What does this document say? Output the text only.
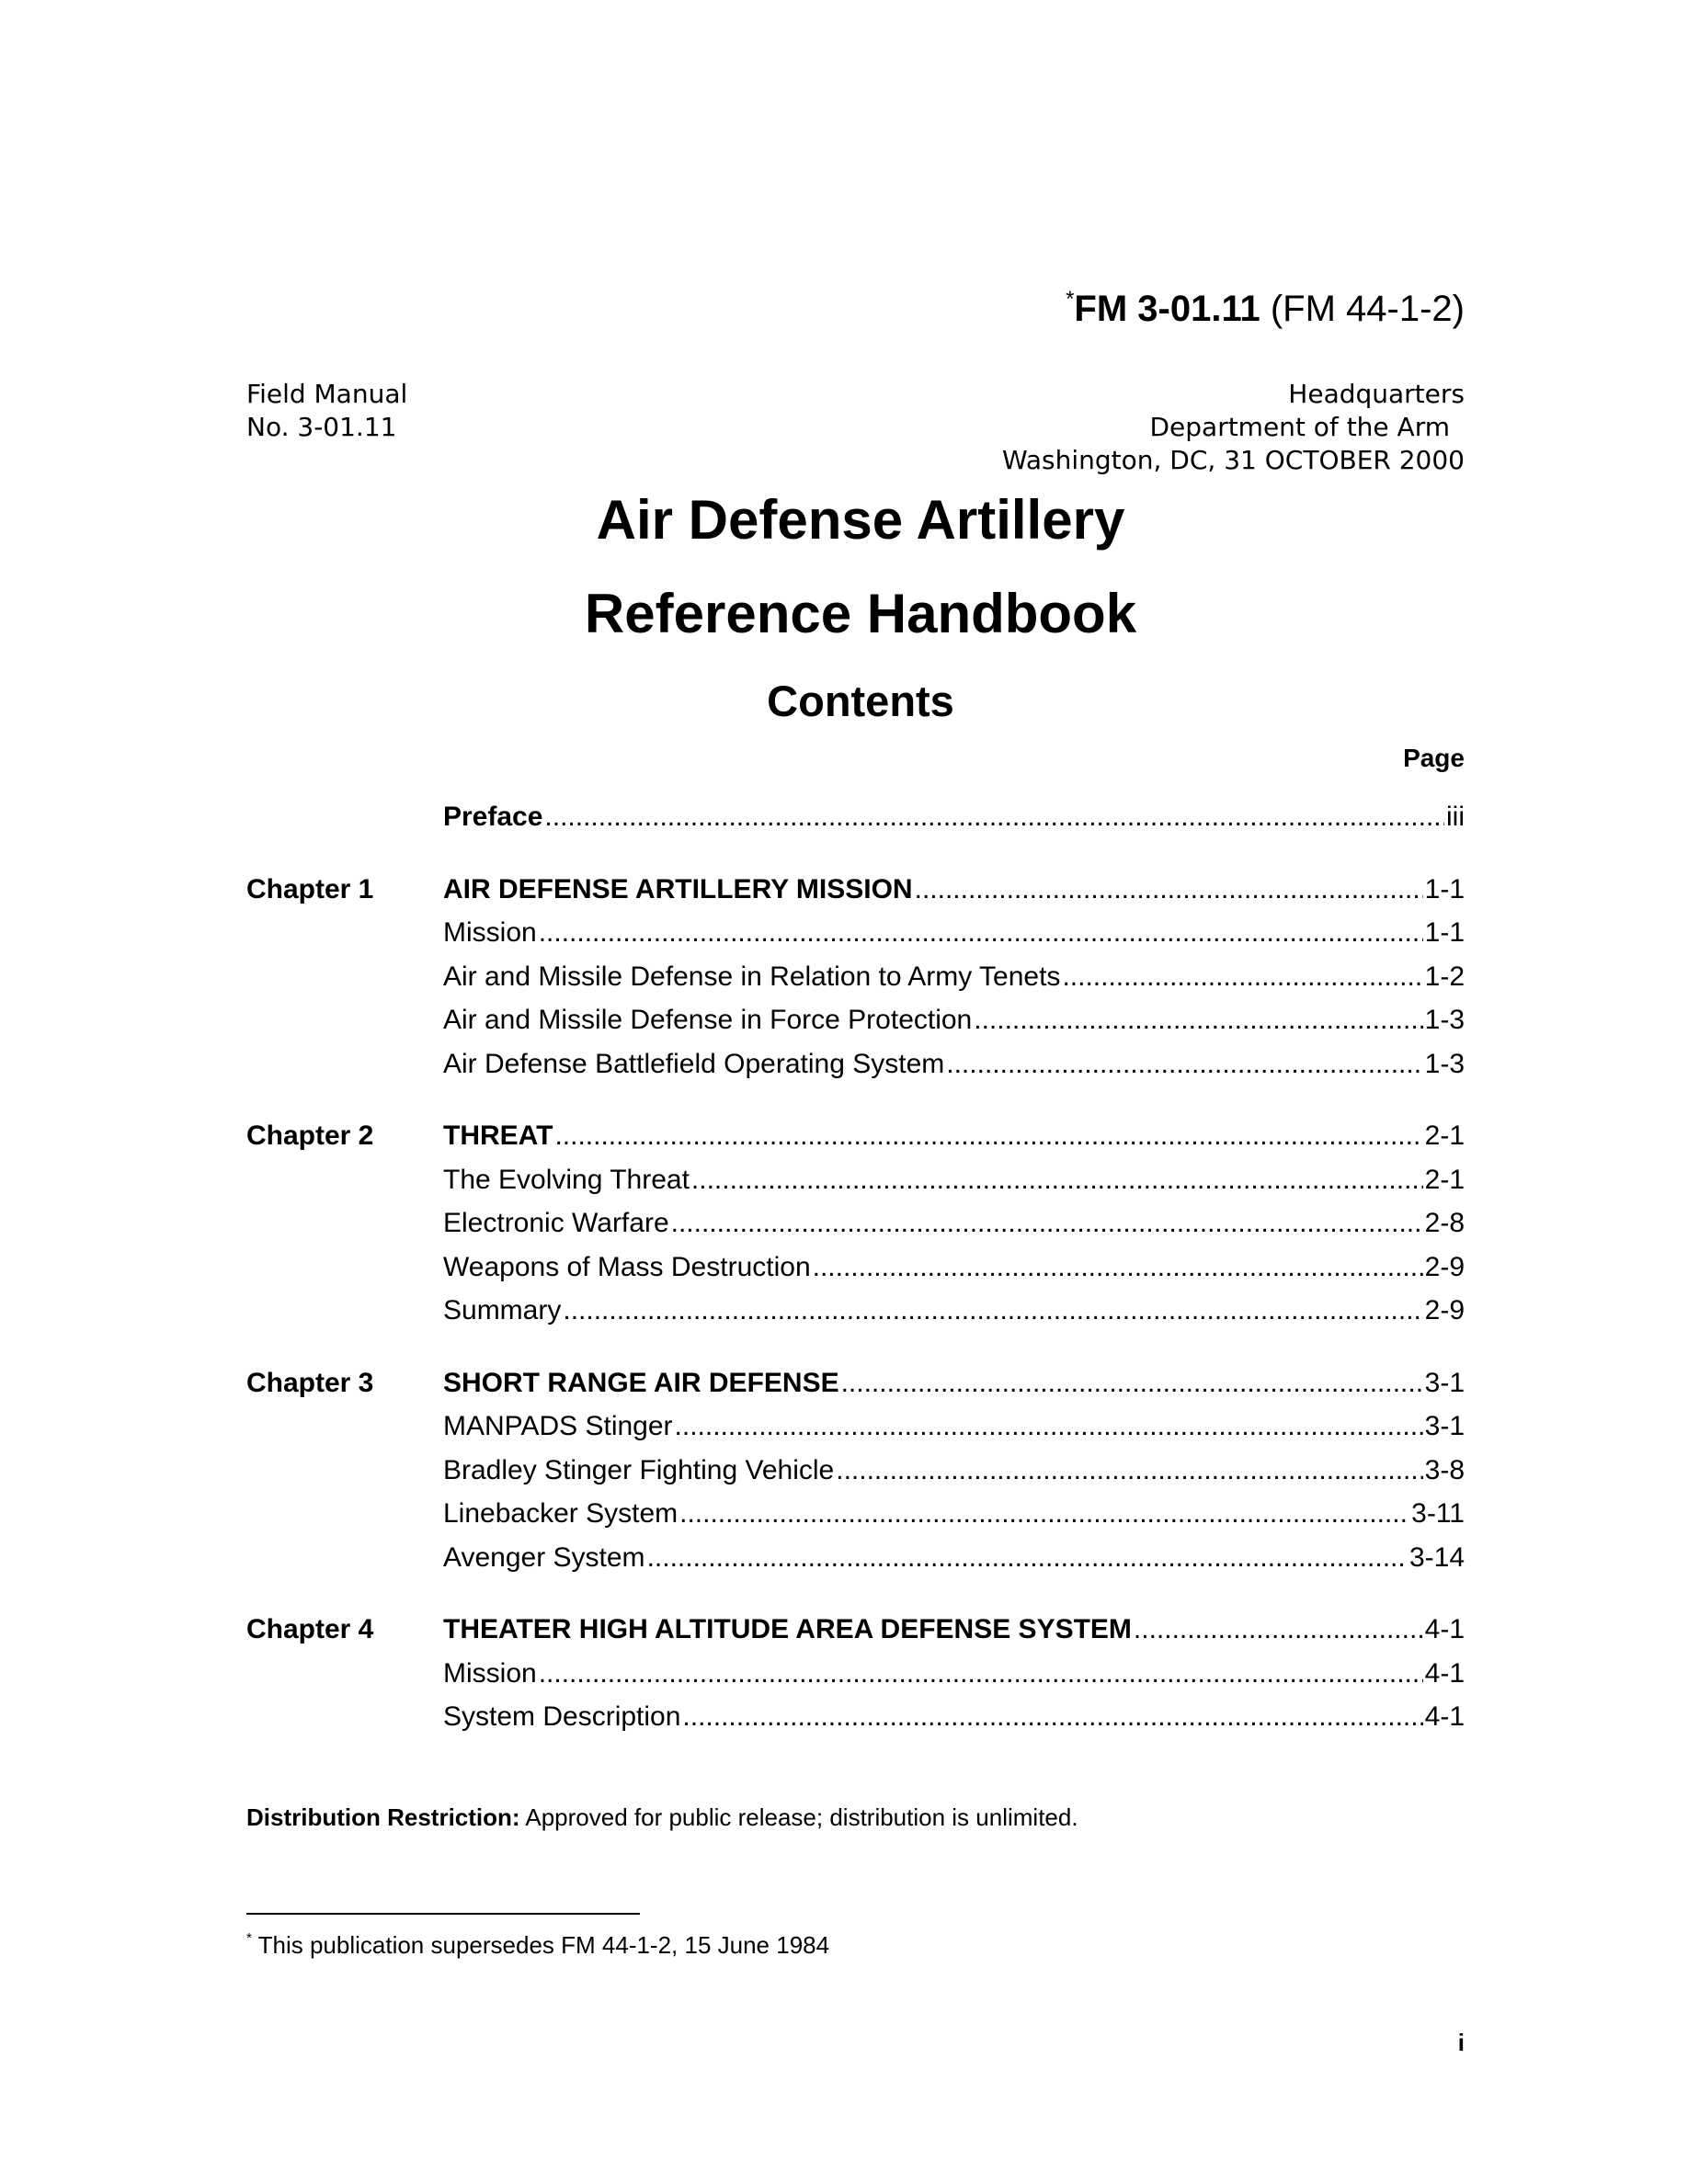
*FM 3-01.11 (FM 44-1-2)
Field Manual
No. 3-01.11
Headquarters
Department of the Arm
Washington, DC, 31 OCTOBER 2000
Air Defense Artillery
Reference Handbook
Contents
Page
Preface .....	iii
Chapter 1	AIR DEFENSE ARTILLERY MISSION .....	1-1
Mission .....	1-1
Air and Missile Defense in Relation to Army Tenets .....	1-2
Air and Missile Defense in Force Protection .....	1-3
Air Defense Battlefield Operating System .....	1-3
Chapter 2	THREAT .....	2-1
The Evolving Threat .....	2-1
Electronic Warfare .....	2-8
Weapons of Mass Destruction .....	2-9
Summary .....	2-9
Chapter 3	SHORT RANGE AIR DEFENSE .....	3-1
MANPADS Stinger .....	3-1
Bradley Stinger Fighting Vehicle .....	3-8
Linebacker System .....	3-11
Avenger System .....	3-14
Chapter 4	THEATER HIGH ALTITUDE AREA DEFENSE SYSTEM .....	4-1
Mission .....	4-1
System Description .....	4-1
Distribution Restriction: Approved for public release; distribution is unlimited.
* This publication supersedes FM 44-1-2, 15 June 1984
i
